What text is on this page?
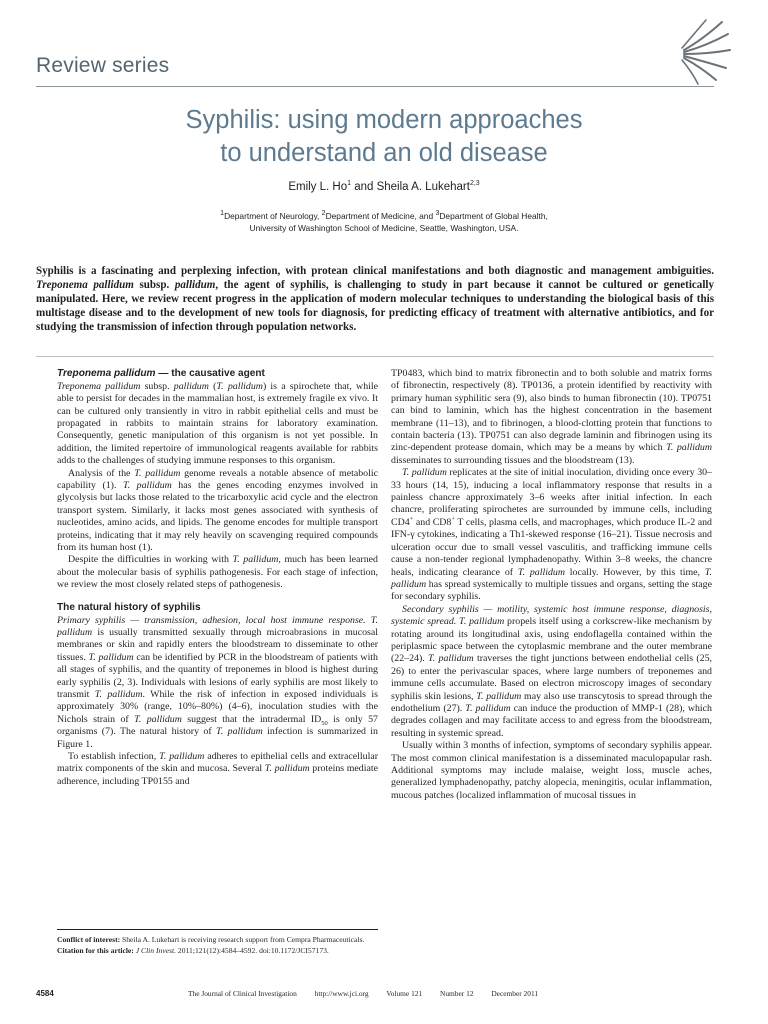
Review series
Syphilis: using modern approaches
to understand an old disease
Emily L. Ho$^1$ and Sheila A. Lukehart$^{2,3}$
$^1$Department of Neurology, $^2$Department of Medicine, and $^3$Department of Global Health,
University of Washington School of Medicine, Seattle, Washington, USA.
Syphilis is a fascinating and perplexing infection, with protean clinical manifestations and both diagnostic and management ambiguities. Treponema pallidum subsp. pallidum, the agent of syphilis, is challenging to study in part because it cannot be cultured or genetically manipulated. Here, we review recent progress in the application of modern molecular techniques to understanding the biological basis of this multistage disease and to the development of new tools for diagnosis, for predicting efficacy of treatment with alternative antibiotics, and for studying the transmission of infection through population networks.
Treponema pallidum — the causative agent

Treponema pallidum subsp. pallidum (T. pallidum) is a spirochete that, while able to persist for decades in the mammalian host, is extremely fragile ex vivo. It can be cultured only transiently in vitro in rabbit epithelial cells and must be propagated in rabbits to maintain strains for laboratory examination. Consequently, genetic manipulation of this organism is not yet possible. In addition, the limited repertoire of immunological reagents available for rabbits adds to the challenges of studying immune responses to this organism.

Analysis of the T. pallidum genome reveals a notable absence of metabolic capability (1). T. pallidum has the genes encoding enzymes involved in glycolysis but lacks those related to the tricarboxylic acid cycle and the electron transport system. Similarly, it lacks most genes associated with synthesis of nucleotides, amino acids, and lipids. The genome encodes for multiple transport proteins, indicating that it may rely heavily on scavenging required compounds from its human host (1).

Despite the difficulties in working with T. pallidum, much has been learned about the molecular basis of syphilis pathogenesis. For each stage of infection, we review the most closely related steps of pathogenesis.

The natural history of syphilis

Primary syphilis — transmission, adhesion, local host immune response. T. pallidum is usually transmitted sexually through microabrasions in mucosal membranes or skin and rapidly enters the bloodstream to disseminate to other tissues. T. pallidum can be identified by PCR in the bloodstream of patients with all stages of syphilis, and the quantity of treponemes in blood is highest during early syphilis (2, 3). Individuals with lesions of early syphilis are most likely to transmit T. pallidum. While the risk of infection in exposed individuals is approximately 30% (range, 10%–80%) (4–6), inoculation studies with the Nichols strain of T. pallidum suggest that the intradermal $ID_{50}$ is only 57 organisms (7). The natural history of T. pallidum infection is summarized in Figure 1.

To establish infection, T. pallidum adheres to epithelial cells and extracellular matrix components of the skin and mucosa. Several T. pallidum proteins mediate adherence, including TP0155 and

TP0483, which bind to matrix fibronectin and to both soluble and matrix forms of fibronectin, respectively (8). TP0136, a protein identified by reactivity with primary human syphilitic sera (9), also binds to human fibronectin (10). TP0751 can bind to laminin, which has the highest concentration in the basement membrane (11–13), and to fibrinogen, a blood-clotting protein that functions to contain bacteria (13). TP0751 can also degrade laminin and fibrinogen using its zinc-dependent protease domain, which may be a means by which T. pallidum disseminates to surrounding tissues and the bloodstream (13).

T. pallidum replicates at the site of initial inoculation, dividing once every 30–33 hours (14, 15), inducing a local inflammatory response that results in a painless chancre approximately 3–6 weeks after initial infection. In each chancre, proliferating spirochetes are surrounded by immune cells, including CD4+ and CD8+ T cells, plasma cells, and macrophages, which produce IL-2 and IFN-γ cytokines, indicating a Th1-skewed response (16–21). Tissue necrosis and ulceration occur due to small vessel vasculitis, and trafficking immune cells cause a non-tender regional lymphadenopathy. Within 3–8 weeks, the chancre heals, indicating clearance of T. pallidum locally. However, by this time, T. pallidum has spread systemically to multiple tissues and organs, setting the stage for secondary syphilis.

Secondary syphilis — motility, systemic host immune response, diagnosis, systemic spread. T. pallidum propels itself using a corkscrew-like mechanism by rotating around its longitudinal axis, using endoflagella contained within the periplasmic space between the cytoplasmic membrane and the outer membrane (22–24). T. pallidum traverses the tight junctions between endothelial cells (25, 26) to enter the perivascular spaces, where large numbers of treponemes and immune cells accumulate. Based on electron microscopy images of secondary syphilis skin lesions, T. pallidum may also use transcytosis to spread through the endothelium (27). T. pallidum can induce the production of MMP-1 (28), which degrades collagen and may facilitate access to and egress from the bloodstream, resulting in systemic spread.

Usually within 3 months of infection, symptoms of secondary syphilis appear. The most common clinical manifestation is a disseminated maculopapular rash. Additional symptoms may include malaise, weight loss, muscle aches, generalized lymphadenopathy, patchy alopecia, meningitis, ocular inflammation, mucous patches (localized inflammation of mucosal tissues in

Conflict of interest: Sheila A. Lukehart is receiving research support from Cempra Pharmaceuticals.

Citation for this article: J Clin Invest. 2011;121(12):4584–4592. doi:10.1172/JCI57173.

4584	The Journal of Clinical Investigation http://www.jci.org Volume 121 Number 12 December 2011
